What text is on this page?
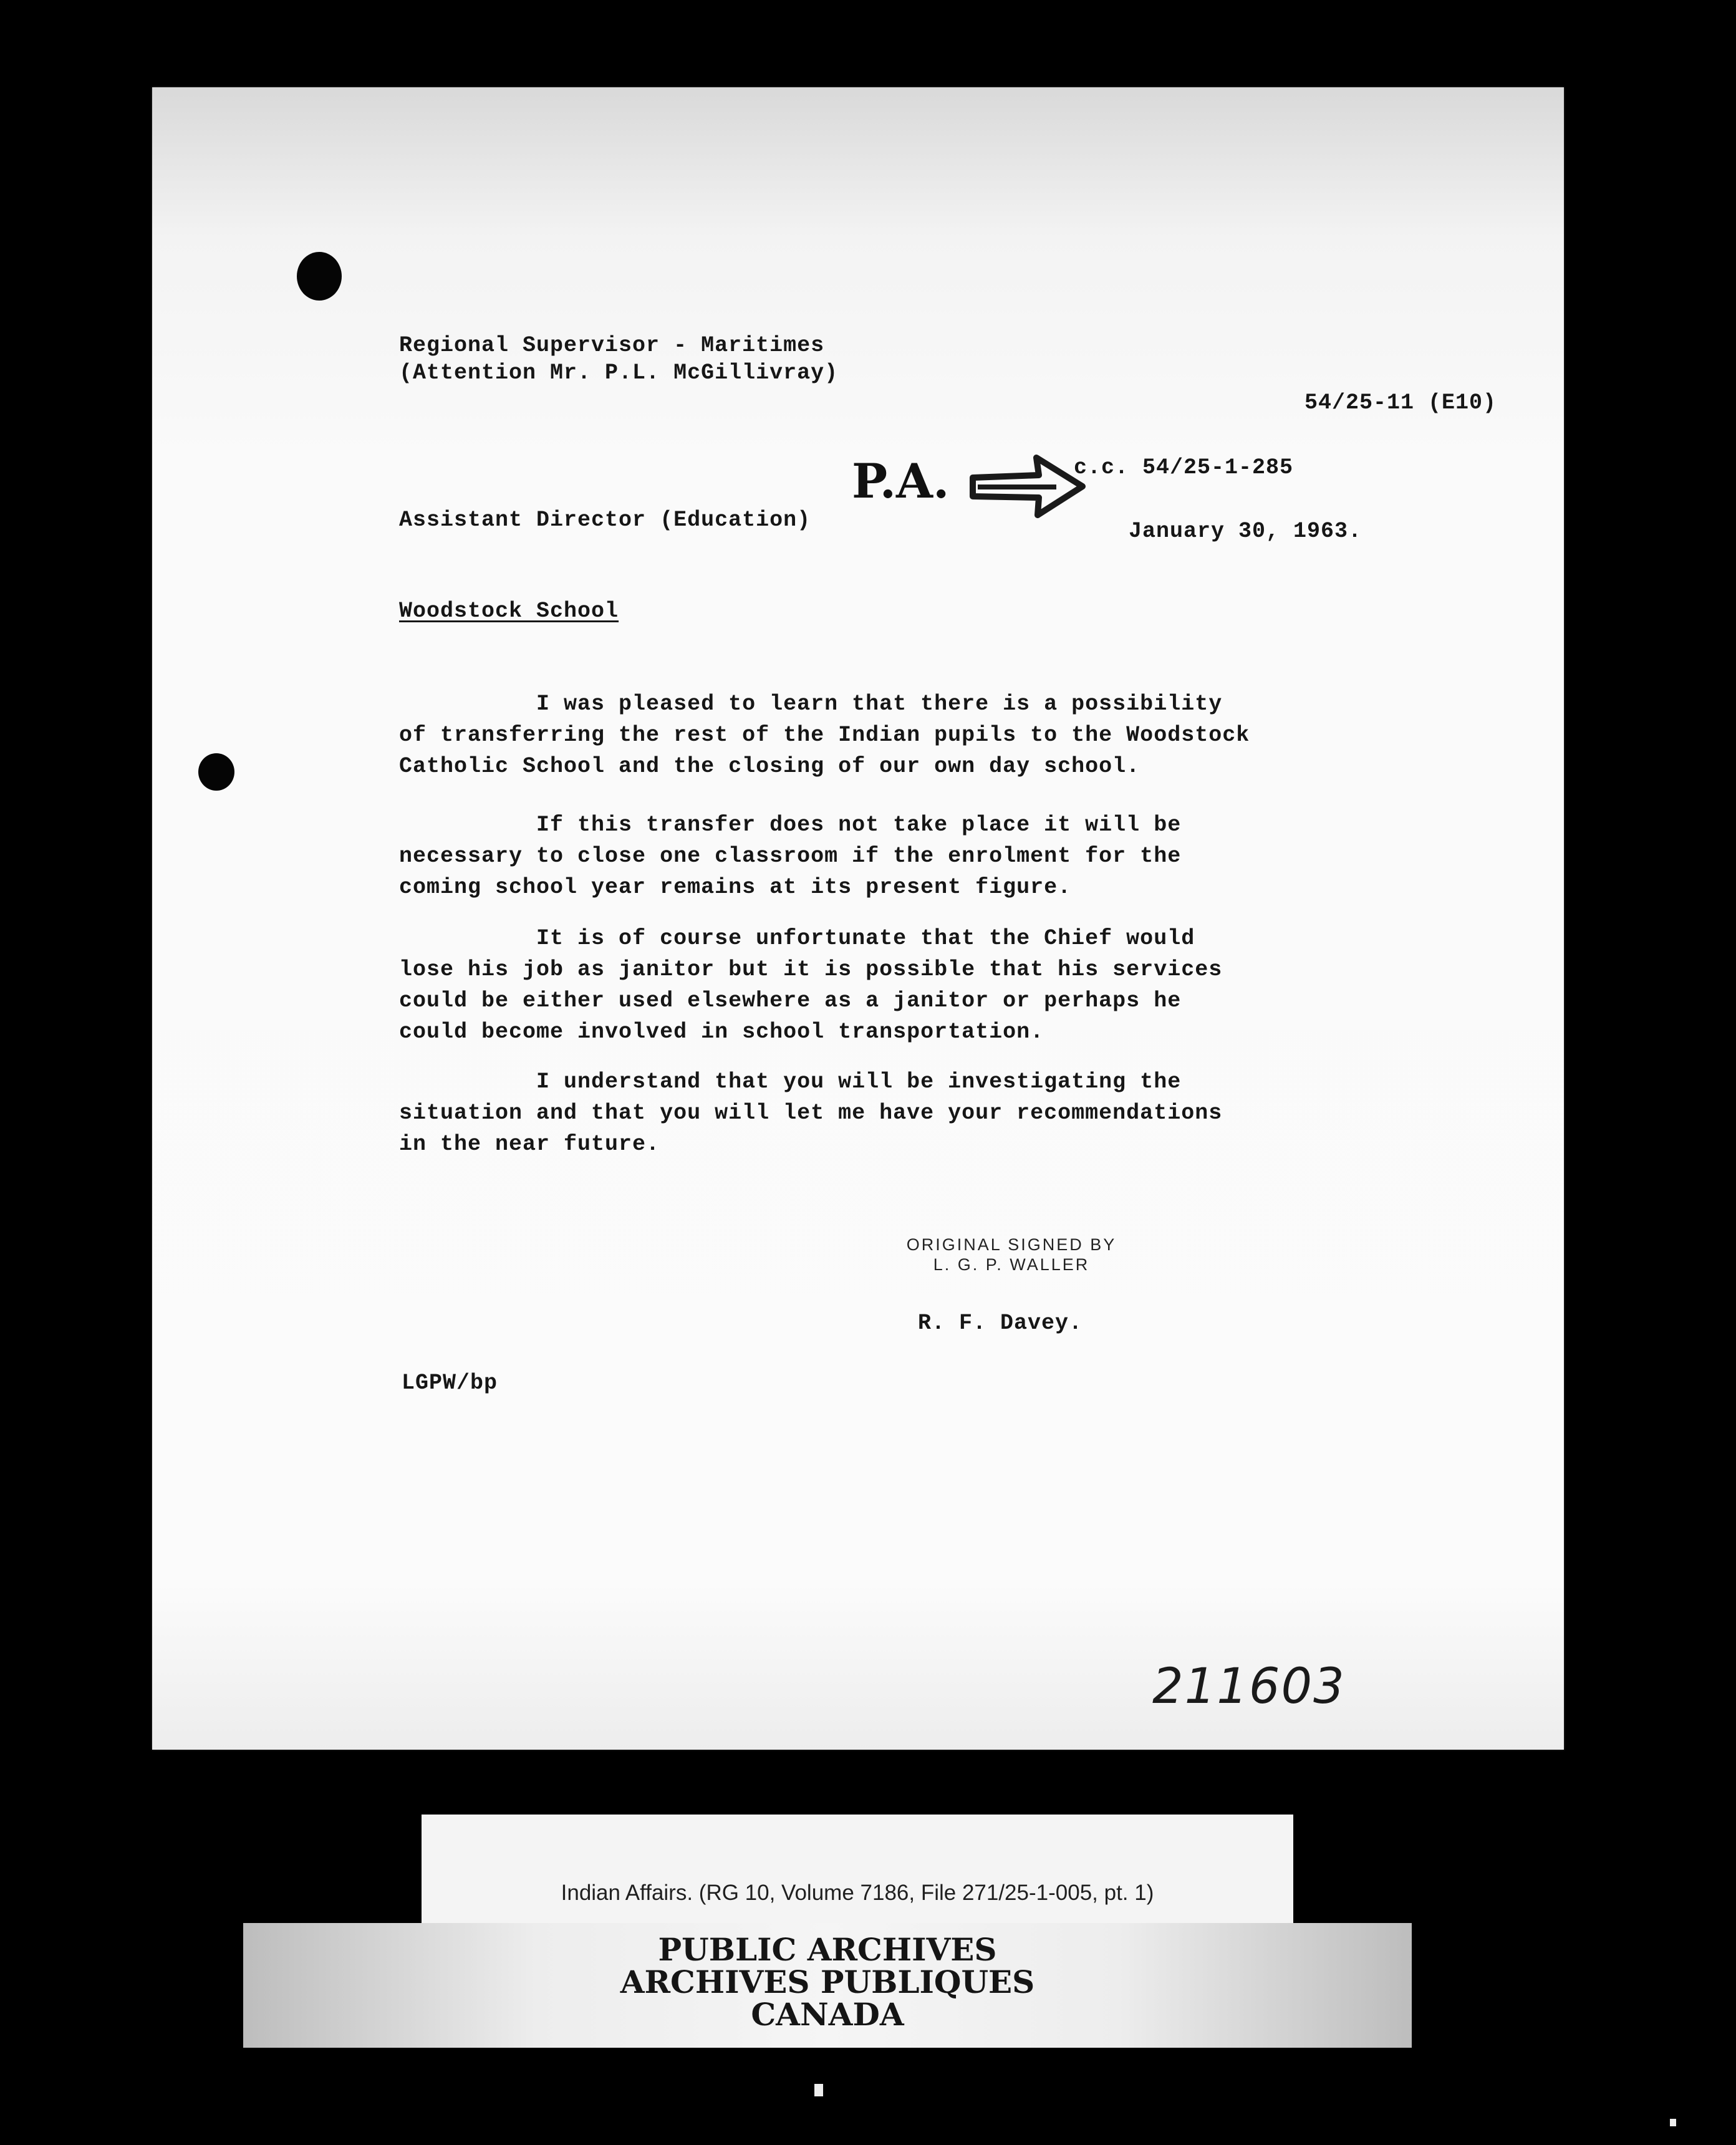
Regional Supervisor - Maritimes
(Attention Mr. P.L. McGillivray)
54/25-11 (E10)
P.A.	c.c. 54/25-1-285
Assistant Director (Education)	January 30, 1963.
Woodstock School
I was pleased to learn that there is a possibility
of transferring the rest of the Indian pupils to the Woodstock
Catholic School and the closing of our own day school.
If this transfer does not take place it will be
necessary to close one classroom if the enrolment for the
coming school year remains at its present figure.
It is of course unfortunate that the Chief would
lose his job as janitor but it is possible that his services
could be either used elsewhere as a janitor or perhaps he
could become involved in school transportation.
I understand that you will be investigating the
situation and that you will let me have your recommendations
in the near future.
ORIGINAL SIGNED BY
L. G. P. WALLER
R. F. Davey.
LGPW/bp
211603
Indian Affairs. (RG 10, Volume 7186, File 271/25-1-005, pt. 1)
PUBLIC ARCHIVES
ARCHIVES PUBLIQUES
CANADA
